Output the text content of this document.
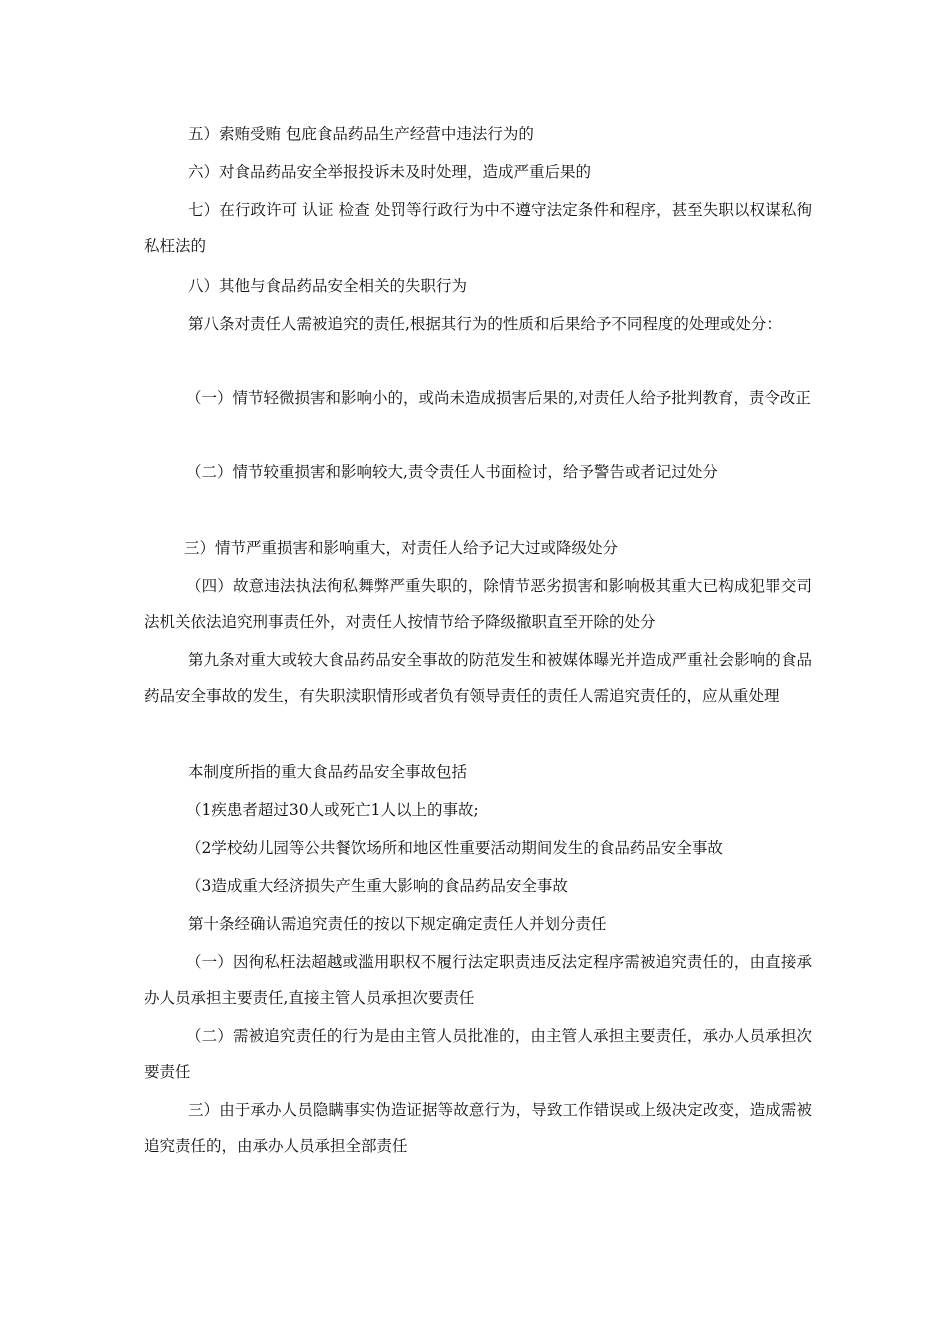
五）索贿受贿 包庇食品药品生产经营中违法行为的

六）对食品药品安全举报投诉未及时处理，造成严重后果的

七）在行政许可 认证 检查 处罚等行政行为中不遵守法定条件和程序，甚至失职以权谋私徇私枉法的

八）其他与食品药品安全相关的失职行为

第八条对责任人需被追究的责任,根据其行为的性质和后果给予不同程度的处理或处分：

（一）情节轻微损害和影响小的，或尚未造成损害后果的,对责任人给予批判教育，责令改正

（二）情节较重损害和影响较大,责令责任人书面检讨，给予警告或者记过处分

三）情节严重损害和影响重大，对责任人给予记大过或降级处分

（四）故意违法执法徇私舞弊严重失职的，除情节恶劣损害和影响极其重大已构成犯罪交司法机关依法追究刑事责任外，对责任人按情节给予降级撤职直至开除的处分

第九条对重大或较大食品药品安全事故的防范发生和被媒体曝光并造成严重社会影响的食品药品安全事故的发生，有失职渎职情形或者负有领导责任的责任人需追究责任的，应从重处理

本制度所指的重大食品药品安全事故包括

（1疾患者超过30人或死亡1人以上的事故;

（2学校幼儿园等公共餐饮场所和地区性重要活动期间发生的食品药品安全事故

（3造成重大经济损失产生重大影响的食品药品安全事故

第十条经确认需追究责任的按以下规定确定责任人并划分责任

（一）因徇私枉法超越或滥用职权不履行法定职责违反法定程序需被追究责任的，由直接承办人员承担主要责任,直接主管人员承担次要责任

（二）需被追究责任的行为是由主管人员批准的，由主管人承担主要责任，承办人员承担次要责任

三）由于承办人员隐瞒事实伪造证据等故意行为，导致工作错误或上级决定改变，造成需被追究责任的，由承办人员承担全部责任
